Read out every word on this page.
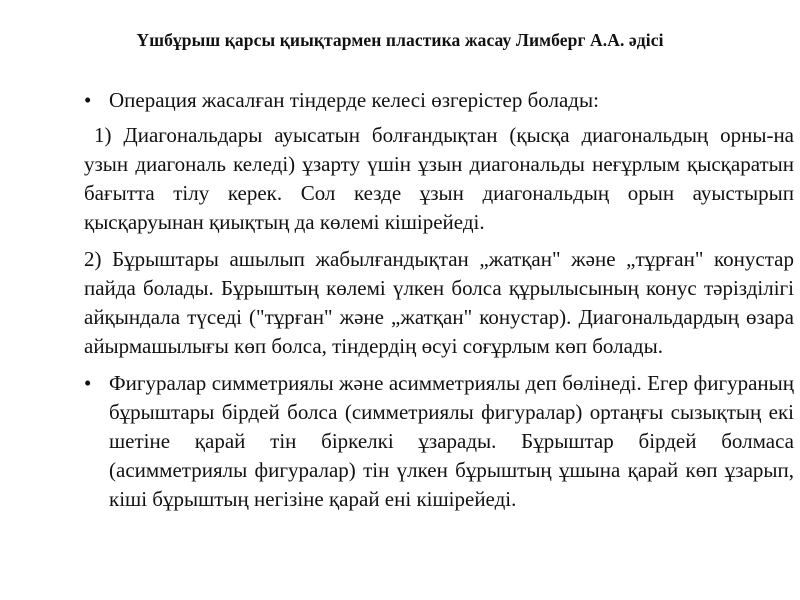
Үшбұрыш қарсы қиықтармен пластика жасау Лимберг А.А. әдісі
• Операция жасалған тіндерде келесі өзгерістер болады:
1) Диагональдары ауысатын болғандықтан (қысқа диагональдың орны-на узын диагональ келеді) ұзарту үшін ұзын диагональды неғұрлым қысқаратын бағытта тілу керек. Сол кезде ұзын диагональдың орын ауыстырып қысқаруынан қиықтың да көлемі кішірейеді.
2) Бұрыштары ашылып жабылғандықтан „жатқан" және „тұрған" конустар пайда болады. Бұрыштың көлемі үлкен болса құрылысының конус тәрізділігі айқындала түседі ("тұрған" және „жатқан" конустар). Диагональдардың өзара айырмашылығы көп болса, тіндердің өсуі соғұрлым көп болады.
• Фигуралар симметриялы және асимметриялы деп бөлінеді. Егер фигураның бұрыштары бірдей болса (симметриялы фигуралар) ортаңғы сызықтың екі шетіне қарай тін біркелкі ұзарады. Бұрыштар бірдей болмаса (асимметриялы фигуралар) тін үлкен бұрыштың ұшына қарай көп ұзарып, кіші бұрыштың негізіне қарай ені кішірейеді.
